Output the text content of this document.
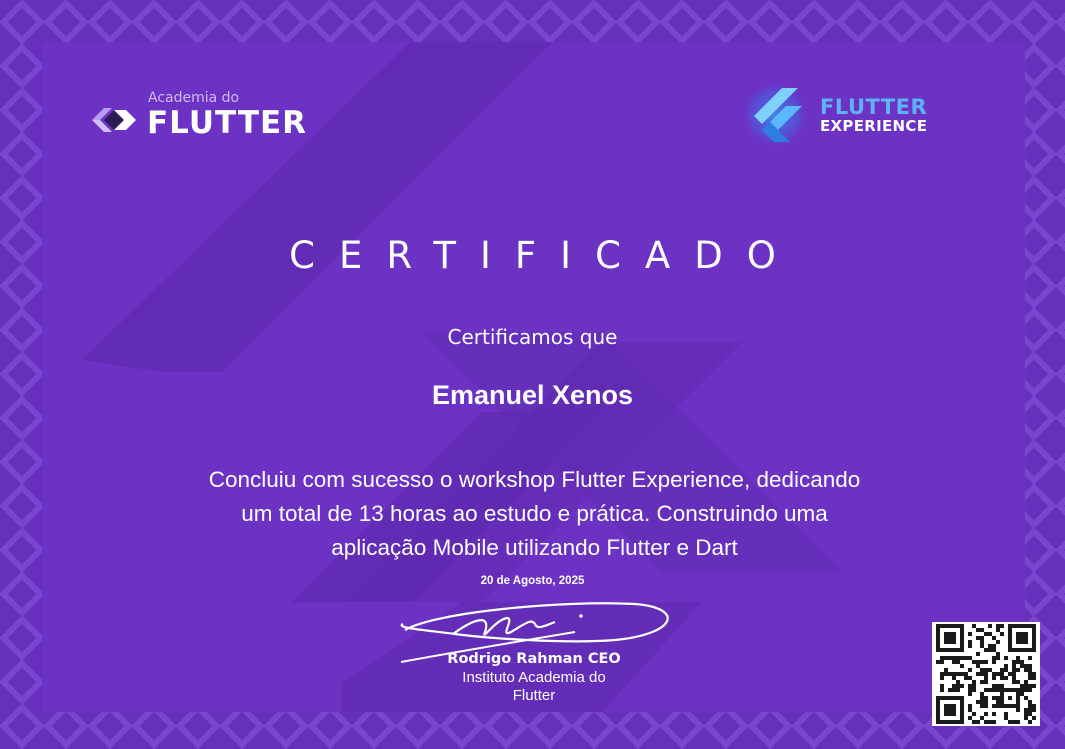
Academia do
FLUTTER	FLUTTER
EXPERIENCE
CERTIFICADO
Certificamos que
Emanuel Xenos
Concluiu com sucesso o workshop Flutter Experience, dedicando
um total de 13 horas ao estudo e prática. Construindo uma
aplicação Mobile utilizando Flutter e Dart
20 de Agosto, 2025
Rodrigo Rahman CEO
Instituto Academia do
Flutter
